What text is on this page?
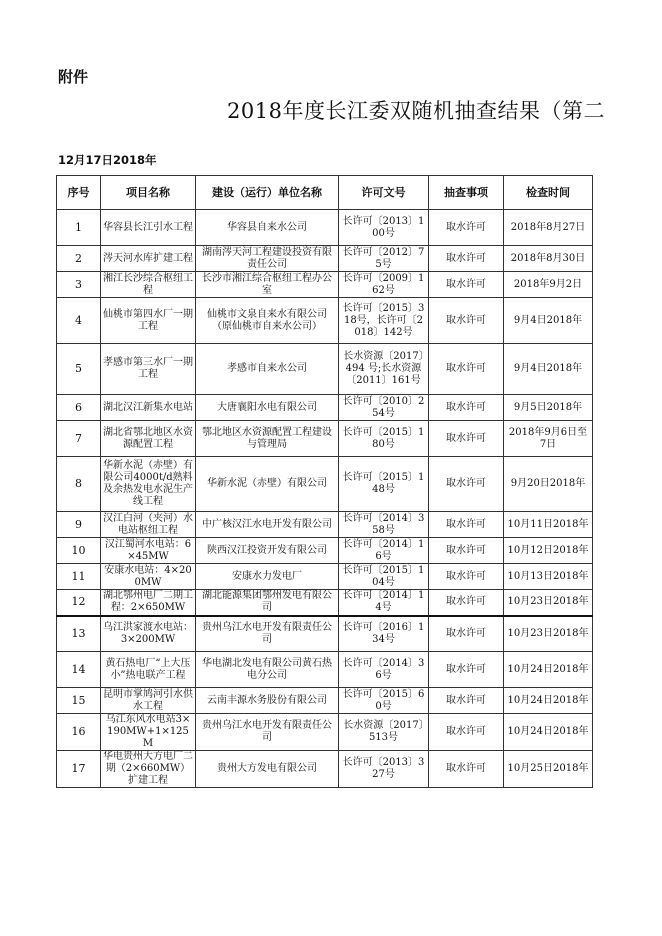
附件
2018年度长江委双随机抽查结果（第二
12月17日2018年
序号	项目名称	建设（运行）单位名称	许可文号	抽查事项	检查时间
1	华容县长江引水工程	华容县自来水公司	长许可〔2013〕100号	取水许可	2018年8月27日
2	涔天河水库扩建工程	湖南涔天河工程建设投资有限责任公司	长许可〔2012〕75号	取水许可	2018年8月30日
3	湘江长沙综合枢纽工程	长沙市湘江综合枢纽工程办公室	长许可〔2009〕162号	取水许可	2018年9月2日
4	仙桃市第四水厂一期工程	仙桃市文泉自来水有限公司（原仙桃市自来水公司）	长许可〔2015〕318号，长许可〔2018〕142号	取水许可	9月4日2018年
5	孝感市第三水厂一期工程	孝感市自来水公司	长水资源〔2017〕494 号;长水资源〔2011〕161号	取水许可	9月4日2018年
6	湖北汉江新集水电站	大唐襄阳水电有限公司	长许可〔2010〕254号	取水许可	9月5日2018年
7	湖北省鄂北地区水资源配置工程	鄂北地区水资源配置工程建设与管理局	长许可〔2015〕180号	取水许可	2018年9月6日至7日
8	华新水泥（赤壁）有限公司4000t/d熟料及余热发电水泥生产线工程	华新水泥（赤壁）有限公司	长许可〔2015〕148号	取水许可	9月20日2018年
9	汉江白河（夹河）水电站枢纽工程	中广核汉江水电开发有限公司	长许可〔2014〕358号	取水许可	10月11日2018年
10	汉江蜀河水电站：6×45MW	陕西汉江投资开发有限公司	长许可〔2014〕16号	取水许可	10月12日2018年
11	安康水电站：4×200MW	安康水力发电厂	长许可〔2015〕104号	取水许可	10月13日2018年
12	湖北鄂州电厂二期工程：2×650MW	湖北能源集团鄂州发电有限公司	长许可〔2014〕14号	取水许可	10月23日2018年
13	乌江洪家渡水电站：3×200MW	贵州乌江水电开发有限责任公司	长许可〔2016〕134号	取水许可	10月23日2018年
14	黄石热电厂“上大压小”热电联产工程	华电湖北发电有限公司黄石热电分公司	长许可〔2014〕36号	取水许可	10月24日2018年
15	昆明市掌鸠河引水供水工程	云南丰源水务股份有限公司	长许可〔2015〕60号	取水许可	10月24日2018年
16	乌江东风水电站3×190MW+1×125M	贵州乌江水电开发有限责任公司	长水资源〔2017〕513号	取水许可	10月24日2018年
17	华电贵州大方电厂二期（2×660MW）扩建工程	贵州大方发电有限公司	长许可〔2013〕327号	取水许可	10月25日2018年
